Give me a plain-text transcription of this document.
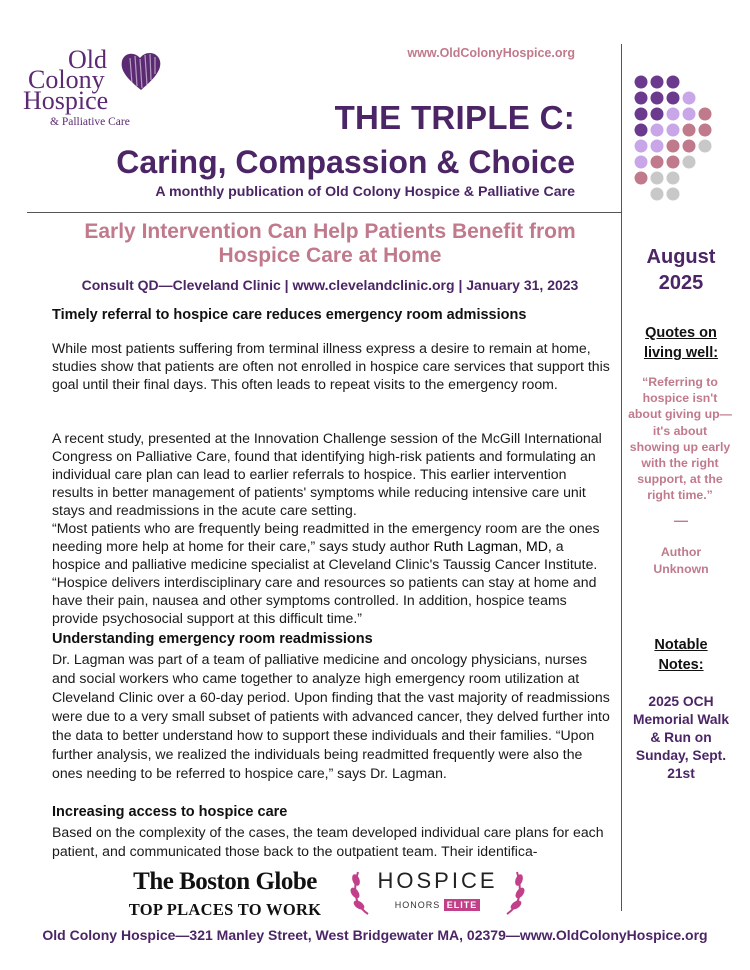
Old
Colony
Hospice
& Palliative Care
www.OldColonyHospice.org
THE TRIPLE C:
Caring, Compassion & Choice
A monthly publication of Old Colony Hospice & Palliative Care
Early Intervention Can Help Patients Benefit from Hospice Care at Home
Consult QD—Cleveland Clinic | www.clevelandclinic.org | January 31, 2023
Timely referral to hospice care reduces emergency room admissions

While most patients suffering from terminal illness express a desire to remain at home, studies show that patients are often not enrolled in hospice care services that support this goal until their final days. This often leads to repeat visits to the emergency room.

A recent study, presented at the Innovation Challenge session of the McGill International Congress on Palliative Care, found that identifying high-risk patients and formulating an individual care plan can lead to earlier referrals to hospice. This earlier intervention results in better management of patients' symptoms while reducing intensive care unit stays and readmissions in the acute care setting.

“Most patients who are frequently being readmitted in the emergency room are the ones needing more help at home for their care,” says study author Ruth Lagman, MD, a hospice and palliative medicine specialist at Cleveland Clinic's Taussig Cancer Institute. “Hospice delivers interdisciplinary care and resources so patients can stay at home and have their pain, nausea and other symptoms controlled. In addition, hospice teams provide psychosocial support at this difficult time.”

Understanding emergency room readmissions

Dr. Lagman was part of a team of palliative medicine and oncology physicians, nurses and social workers who came together to analyze high emergency room utilization at Cleveland Clinic over a 60-day period. Upon finding that the vast majority of readmissions were due to a very small subset of patients with advanced cancer, they delved further into the data to better understand how to support these individuals and their families. “Upon further analysis, we realized the individuals being readmitted frequently were also the ones needing to be referred to hospice care,” says Dr. Lagman.

Increasing access to hospice care

Based on the complexity of the cases, the team developed individual care plans for each patient, and communicated those back to the outpatient team. Their identifica-

August
2025
Quotes on living well:
“Referring to hospice isn't about giving up—it's about showing up early with the right support, at the right time.”
—
Author Unknown
Notable Notes:
2025 OCH Memorial Walk & Run on Sunday, Sept. 21st
The Boston Globe
TOP PLACES TO WORK
HOSPICE
HONORS ELITE
Old Colony Hospice—321 Manley Street, West Bridgewater MA, 02379—www.OldColonyHospice.org
